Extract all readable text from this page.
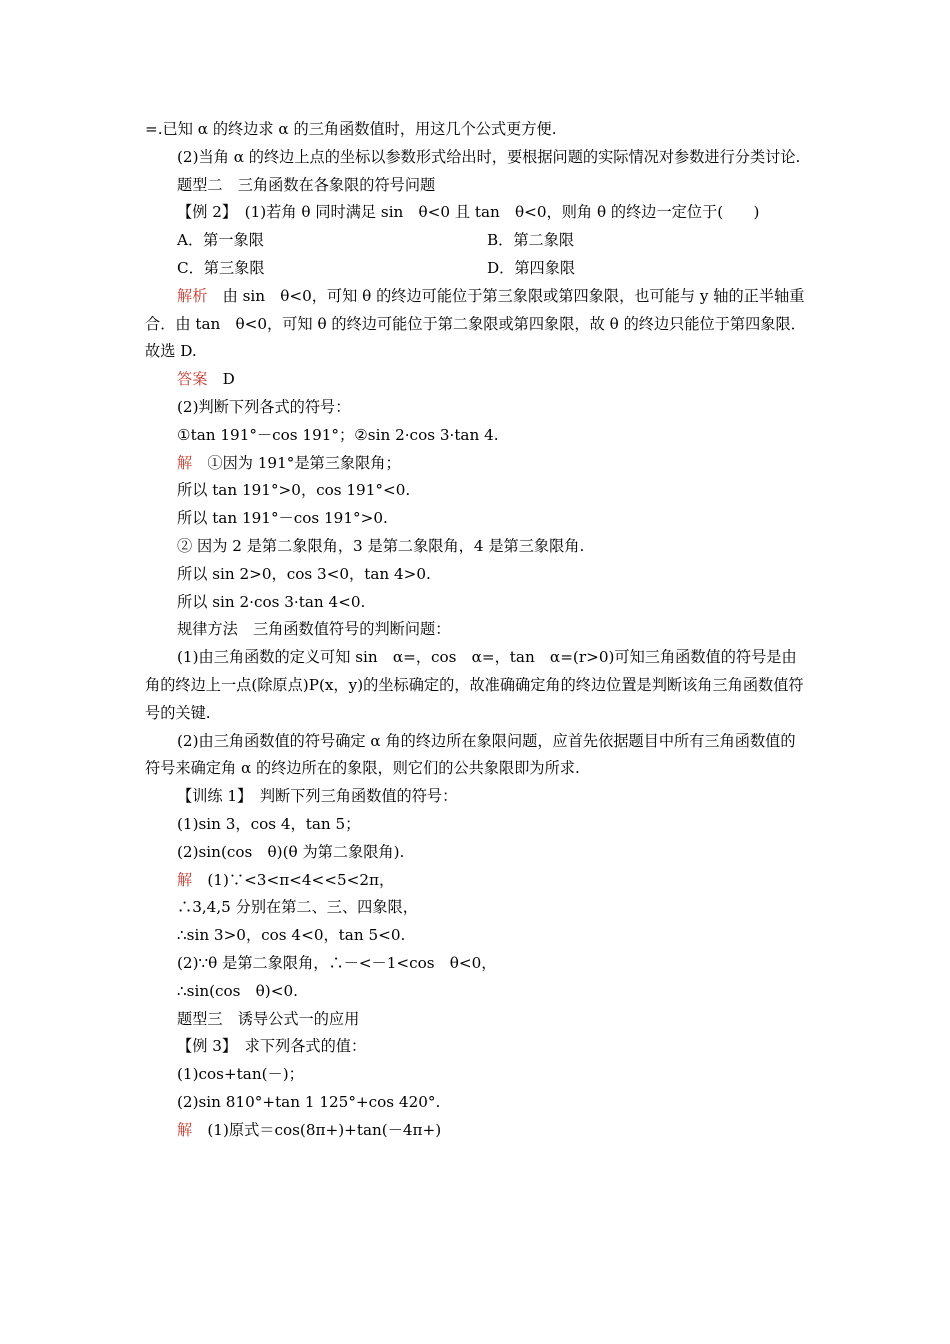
=.已知 α 的终边求 α 的三角函数值时，用这几个公式更方便.

(2)当角 α 的终边上点的坐标以参数形式给出时，要根据问题的实际情况对参数进行分类讨论.

题型二　三角函数在各象限的符号问题

【例 2】　(1)若角 θ 同时满足 sin　θ<0 且 tan　θ<0，则角 θ 的终边一定位于(　　)

A．第一象限	B．第二象限
C．第三象限	D．第四象限

解析　由 sin　θ<0，可知 θ 的终边可能位于第三象限或第四象限，也可能与 y 轴的正半轴重合．由 tan　θ<0，可知 θ 的终边可能位于第二象限或第四象限，故 θ 的终边只能位于第四象限．故选 D.

答案　D

(2)判断下列各式的符号：

①tan 191°－cos 191°；②sin 2·cos 3·tan 4.

解　①因为 191°是第三象限角；

所以 tan 191°>0，cos 191°<0.

所以 tan 191°－cos 191°>0.

② 因为 2 是第二象限角，3 是第二象限角，4 是第三象限角.

所以 sin 2>0，cos 3<0，tan 4>0.

所以 sin 2·cos 3·tan 4<0.

规律方法　三角函数值符号的判断问题：

(1)由三角函数的定义可知 sin　α=，cos　α=，tan　α=(r>0)可知三角函数值的符号是由角的终边上一点(除原点)P(x，y)的坐标确定的，故准确确定角的终边位置是判断该角三角函数值符号的关键.

(2)由三角函数值的符号确定 α 角的终边所在象限问题，应首先依据题目中所有三角函数值的符号来确定角 α 的终边所在的象限，则它们的公共象限即为所求.

【训练 1】　判断下列三角函数值的符号：

(1)sin 3，cos 4，tan 5；

(2)sin(cos　θ)(θ 为第二象限角).

解　(1)∵<3<π<4<<5<2π，

∴3,4,5 分别在第二、三、四象限，

∴sin 3>0，cos 4<0，tan 5<0.

(2)∵θ 是第二象限角，∴－<－1<cos　θ<0，

∴sin(cos　θ)<0.

题型三　诱导公式一的应用

【例 3】　求下列各式的值：

(1)cos+tan(－)；

(2)sin 810°+tan 1 125°+cos 420°.

解　(1)原式＝cos(8π+)+tan(－4π+)
